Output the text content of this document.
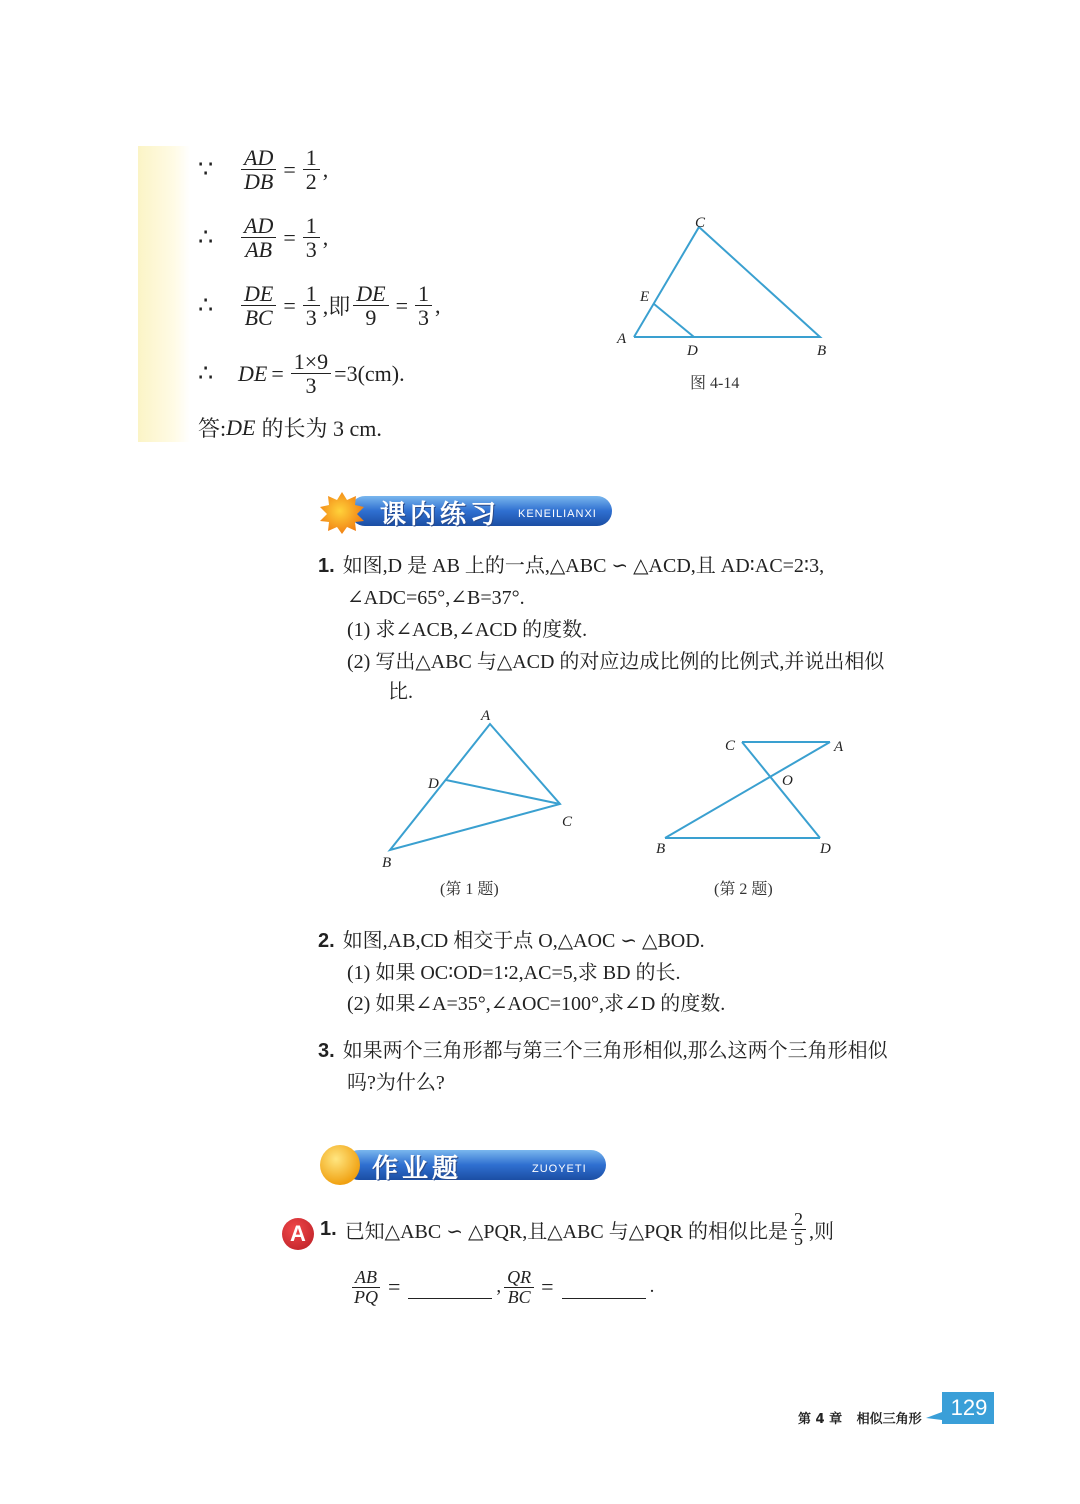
∵	$\frac{AD}{DB} = \frac{1}{2}$ ,
∴	$\frac{AD}{AB} = \frac{1}{3}$ ,
∴	$\frac{DE}{BC} = \frac{1}{3}$ ,即 $\frac{DE}{9} = \frac{1}{3}$ ,
∴	DE = $\frac{1\times 9}{3} =3(cm)$.
答: DE 的长为 3 cm.
C
E
A
D	B
图 4-14
课内练习 KENEILIANXI
1. 如图,D 是 AB 上的一点,△ABC ∽ △ACD,且 AD∶AC=2∶3,
∠ADC=65°,∠B=37°.
(1) 求∠ACB,∠ACD 的度数.
(2) 写出△ABC 与△ACD 的对应边成比例的比例式,并说出相似
比.
A
D
C
B
(第 1 题)
C	A
O
B	D
(第 2 题)
2. 如图,AB,CD 相交于点 O,△AOC ∽ △BOD.
(1) 如果 OC∶OD=1∶2,AC=5,求 BD 的长.
(2) 如果∠A=35°,∠AOC=100°,求∠D 的度数.
3. 如果两个三角形都与第三个三角形相似,那么这两个三角形相似
吗?为什么?
作业题	ZUOYETI
A 1. 已知△ABC ∽ △PQR,且△ABC 与△PQR 的相似比是 $\frac{2}{5}$ ,则
$\frac{AB}{PQ}$ =	, $\frac{QR}{BC}$ =	.
第 4 章 相似三角形	129
